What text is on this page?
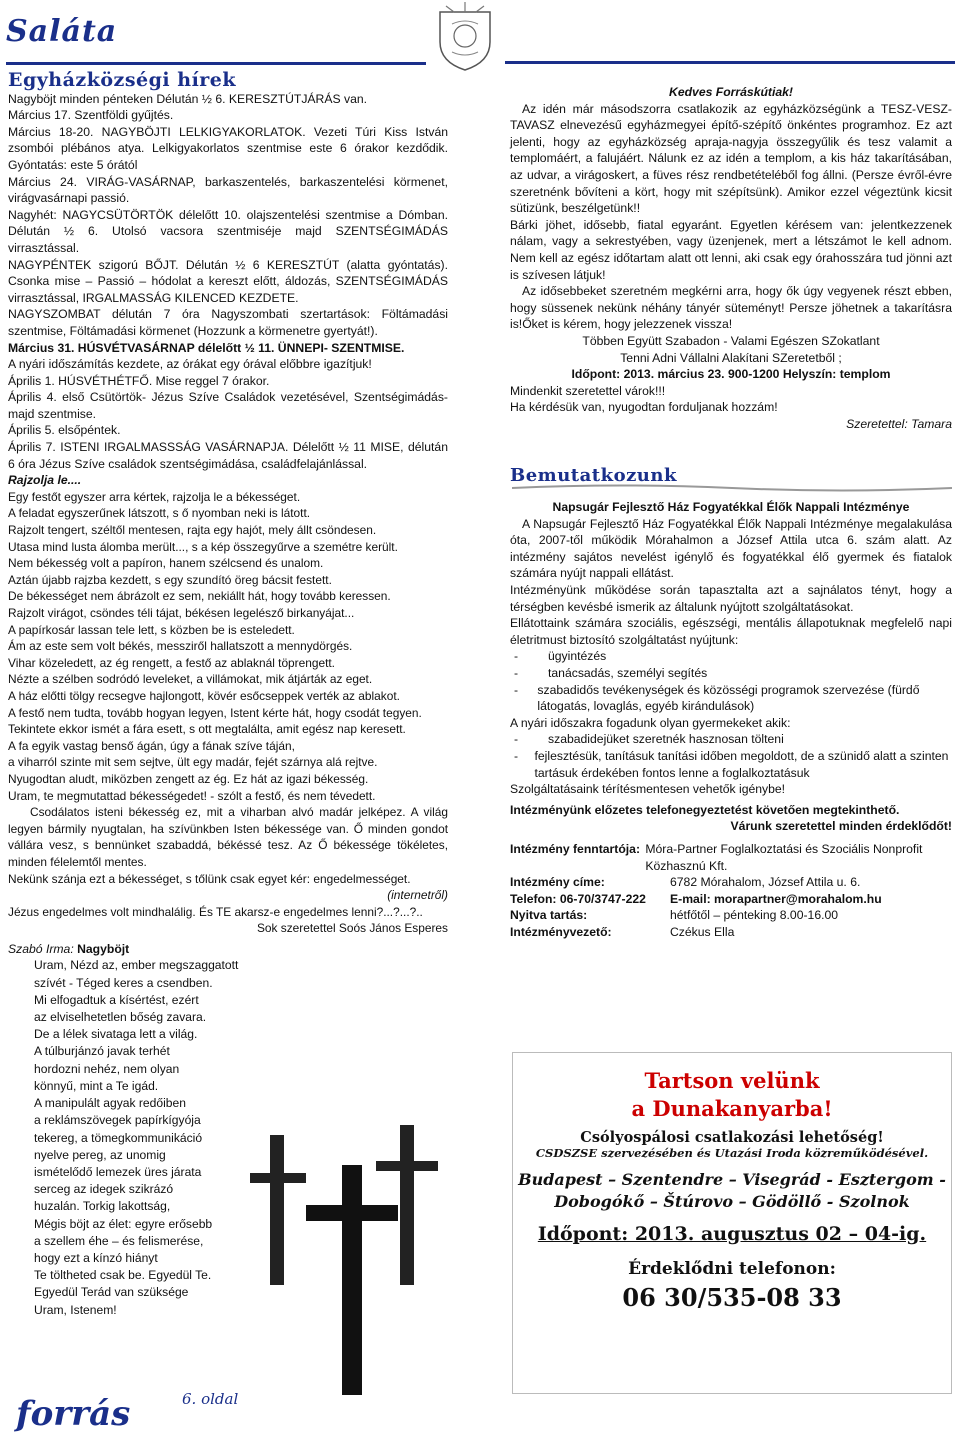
Saláta
Egyházközségi hírek

Nagyböjt minden pénteken Délután ½ 6. KERESZTÚTJÁRÁS van.

Március 17. Szentföldi gyűjtés.

Március 18-20. NAGYBÖJTI LELKIGYAKORLATOK. Vezeti Túri Kiss István zsombói plébános atya. Lelkigyakorlatos szentmise este 6 órakor kezdődik. Gyóntatás: este 5 órától

Március 24. VIRÁG-VASÁRNAP, barkaszentelés, barkaszentelési körmenet, virágvasárnapi passió.

Nagyhét: NAGYCSÜTÖRTÖK délelőtt 10. olajszentelési szentmise a Dómban. Délután ½ 6. Utolsó vacsora szentmiséje majd SZENTSÉGIMÁDÁS virrasztással.

NAGYPÉNTEK szigorú BŐJT. Délután ½ 6 KERESZTÚT (alatta gyóntatás). Csonka mise – Passió – hódolat a kereszt előtt, áldozás, SZENTSÉGIMÁDÁS virrasztással, IRGALMASSÁG KILENCED KEZDETE.

NAGYSZOMBAT délután 7 óra Nagyszombati szertartások: Föltámadási szentmise, Föltámadási körmenet (Hozzunk a körmenetre gyertyát!).

Március 31. HÚSVÉTVASÁRNAP délelőtt ½ 11. ÜNNEPI- SZENTMISE.

A nyári időszámítás kezdete, az órákat egy órával előbbre igazítjuk!

Április 1. HÚSVÉTHÉTFŐ. Mise reggel 7 órakor.

Április 4. első Csütörtök- Jézus Szíve Családok vezetésével, Szentségimádás- majd szentmise.

Április 5. elsőpéntek.

Április 7. ISTENI IRGALMASSSÁG VASÁRNAPJA. Délelőtt ½ 11 MISE, délután 6 óra Jézus Szíve családok szentségimádása, családfelajánlással.

Rajzolja le....

Egy festőt egyszer arra kértek, rajzolja le a békességet.
A feladat egyszerűnek látszott, s ő nyomban neki is látott.
Rajzolt tengert, széltől mentesen, rajta egy hajót, mely állt csöndesen.
Utasa mind lusta álomba merült..., s a kép összegyűrve a szemétre került.
Nem békesség volt a papíron, hanem szélcsend és unalom.
Aztán újabb rajzba kezdett, s egy szundító öreg bácsit festett.
De békességet nem ábrázolt ez sem, nekiállt hát, hogy tovább keressen.
Rajzolt virágot, csöndes téli tájat, békésen legelésző birkanyájat...
A papírkosár lassan tele lett, s közben be is esteledett.
Ám az este sem volt békés, messziről hallatszott a mennydörgés.
Vihar közeledett, az ég rengett, a festő az ablaknál töprengett.
Nézte a szélben sodródó leveleket, a villámokat, mik átjárták az eget.
A ház előtti tölgy recsegve hajlongott, kövér esőcseppek verték az ablakot.
A festő nem tudta, tovább hogyan legyen, Istent kérte hát, hogy csodát tegyen.
Tekintete ekkor ismét a fára esett, s ott megtalálta, amit egész nap keresett.
A fa egyik vastag benső ágán, úgy a fának szíve táján,
a viharról szinte mit sem sejtve, ült egy madár, fejét szárnya alá rejtve.
Nyugodtan aludt, miközben zengett az ég. Ez hát az igazi békesség.
Uram, te megmutattad békességedet! - szólt a festő, és nem tévedett.
Csodálatos isteni békesség ez, mit a viharban alvó madár jelképez. A világ legyen bármily nyugtalan, ha szívünkben Isten békessége van. Ő minden gondot vállára vesz, s bennünket szabaddá, békéssé tesz. Az Ő békessége tökéletes, minden félelemtől mentes.
Nekünk szánja ezt a békességet, s tőlünk csak egyet kér: engedelmességet.
(internetről)
Jézus engedelmes volt mindhalálig. És TE akarsz-e engedelmes lenni?...?...?..
Sok szeretettel Soós János Esperes
Szabó Irma: Nagyböjt
Uram, Nézd az, ember megszaggatott
szívét - Téged keres a csendben.
Mi elfogadtuk a kísértést, ezért
az elviselhetetlen bőség zavara.
De a lélek sivataga lett a világ.
A túlburjánzó javak terhét
hordozni nehéz, nem olyan
könnyű, mint a Te igád.
A manipulált agyak redőiben
a reklámszövegek papírkígyója
tekereg, a tömegkommunikáció
nyelve pereg, az unomig
ismételődő lemezek üres járata
serceg az idegek szikrázó
huzalán. Torkig lakottság,
Mégis böjt az élet: egyre erősebb
a szellem éhe – és felismerése,
hogy ezt a kínzó hiányt
Te töltheted csak be. Egyedül Te.
Egyedül Terád van szüksége
Uram, Istenem!
Kedves Forráskútiak!

Az idén már másodszorra csatlakozik az egyházközségünk a TESZ-VESZ-TAVASZ elnevezésű egyházmegyei építő-szépítő önkéntes programhoz. Ez azt jelenti, hogy az egyházközség apraja-nagyja összegyűlik és tesz valamit a templomáért, a falujáért. Nálunk ez az idén a templom, a kis ház takarításában, az udvar, a virágoskert, a füves rész rendbetételéből fog állni. (Persze évről-évre szeretnénk bővíteni a kört, hogy mit szépítsünk). Amikor ezzel végeztünk kicsit sütizünk, beszélgetünk!!

Bárki jöhet, idősebb, fiatal egyaránt. Egyetlen kérésem van: jelentkezzenek nálam, vagy a sekrestyében, vagy üzenjenek, mert a létszámot le kell adnom. Nem kell az egész időtartam alatt ott lenni, aki csak egy órahosszára tud jönni azt is szívesen látjuk!

Az idősebbeket szeretném megkérni arra, hogy ők úgy vegyenek részt ebben, hogy süssenek nekünk néhány tányér süteményt! Persze jöhetnek a takarításra is!Őket is kérem, hogy jelezzenek vissza!

Többen Együtt Szabadon - Valami Egészen SZokatlant
Tenni Adni Vállalni Alakítani SZeretetből ;
Időpont: 2013. március 23. 900-1200 Helyszín: templom
Mindenkit szeretettel várok!!!
Ha kérdésük van, nyugodtan forduljanak hozzám!
Szeretettel: Tamara
Bemutatkozunk
Napsugár Fejlesztő Ház Fogyatékkal Élők Nappali Intézménye

A Napsugár Fejlesztő Ház Fogyatékkal Élők Nappali Intézménye megalakulása óta, 2007-től működik Mórahalmon a József Attila utca 6. szám alatt. Az intézmény sajátos nevelést igénylő és fogyatékkal élő gyermek és fiatalok számára nyújt nappali ellátást.

Intézményünk működése során tapasztalta azt a sajnálatos tényt, hogy a térségben kevésbé ismerik az általunk nyújtott szolgáltatásokat.

Ellátottaink számára szociális, egészségi, mentális állapotuknak megfelelő napi életritmust biztosító szolgáltatást nyújtunk:

-	ügyintézés
-	tanácsadás, személyi segítés
-	szabadidős tevékenységek és közösségi programok szervezése (fürdő látogatás, lovaglás, egyéb kirándulások)
A nyári időszakra fogadunk olyan gyermekeket akik:
-	szabadidejüket szeretnék hasznosan tölteni
-	fejlesztésük, tanításuk tanítási időben megoldott, de a szünidő alatt a szinten tartásuk érdekében fontos lenne a foglalkoztatásuk
Szolgáltatásaink térítésmentesen vehetők igénybe!
Intézményünk előzetes telefonegyeztetést követően megtekinthető.
Várunk szeretettel minden érdeklődőt!
Intézmény fenntartója: Móra-Partner Foglalkoztatási és Szociális Nonprofit Közhasznú Kft.
Intézmény címe:	6782 Mórahalom, József Attila u. 6.
Telefon: 06-70/3747-222	E-mail: morapartner@morahalom.hu
Nyitva tartás:	hétfőtől – pénteking 8.00-16.00
Intézményvezető:	Czékus Ella
Tartson velünk
a Dunakanyarba!
Csólyospálosi csatlakozási lehetőség!
CSDSZSE szervezésében és Utazási Iroda közreműködésével.
Budapest – Szentendre – Visegrád - Esztergom - Dobogókő – Štúrovo – Gödöllő - Szolnok
Időpont: 2013. augusztus 02 – 04-ig.
Érdeklődni telefonon:
06 30/535-08 33
forrás	6. oldal
